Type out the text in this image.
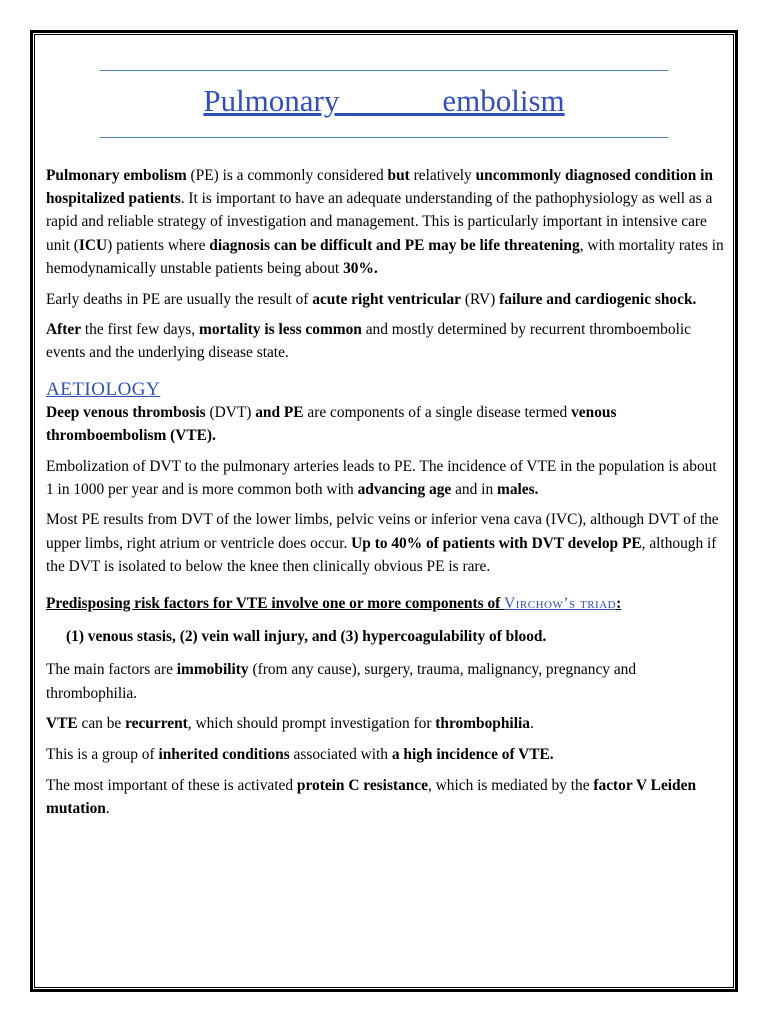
Pulmonary    embolism

Pulmonary embolism (PE) is a commonly considered but relatively uncommonly diagnosed condition in hospitalized patients. It is important to have an adequate understanding of the pathophysiology as well as a rapid and reliable strategy of investigation and management. This is particularly important in intensive care unit (ICU) patients where diagnosis can be difficult and PE may be life threatening, with mortality rates in hemodynamically unstable patients being about 30%.

Early deaths in PE are usually the result of acute right ventricular (RV) failure and cardiogenic shock.

After the first few days, mortality is less common and mostly determined by recurrent thromboembolic events and the underlying disease state.

AETIOLOGY

Deep venous thrombosis (DVT) and PE are components of a single disease termed venous thromboembolism (VTE).

Embolization of DVT to the pulmonary arteries leads to PE. The incidence of VTE in the population is about 1 in 1000 per year and is more common both with advancing age and in males.

Most PE results from DVT of the lower limbs, pelvic veins or inferior vena cava (IVC), although DVT of the upper limbs, right atrium or ventricle does occur. Up to 40% of patients with DVT develop PE, although if the DVT is isolated to below the knee then clinically obvious PE is rare.

Predisposing risk factors for VTE involve one or more components of Virchow’s triad:

(1) venous stasis, (2) vein wall injury, and (3) hypercoagulability of blood.

The main factors are immobility (from any cause), surgery, trauma, malignancy, pregnancy and thrombophilia.

VTE can be recurrent, which should prompt investigation for thrombophilia.

This is a group of inherited conditions associated with a high incidence of VTE.

The most important of these is activated protein C resistance, which is mediated by the factor V Leiden mutation.
